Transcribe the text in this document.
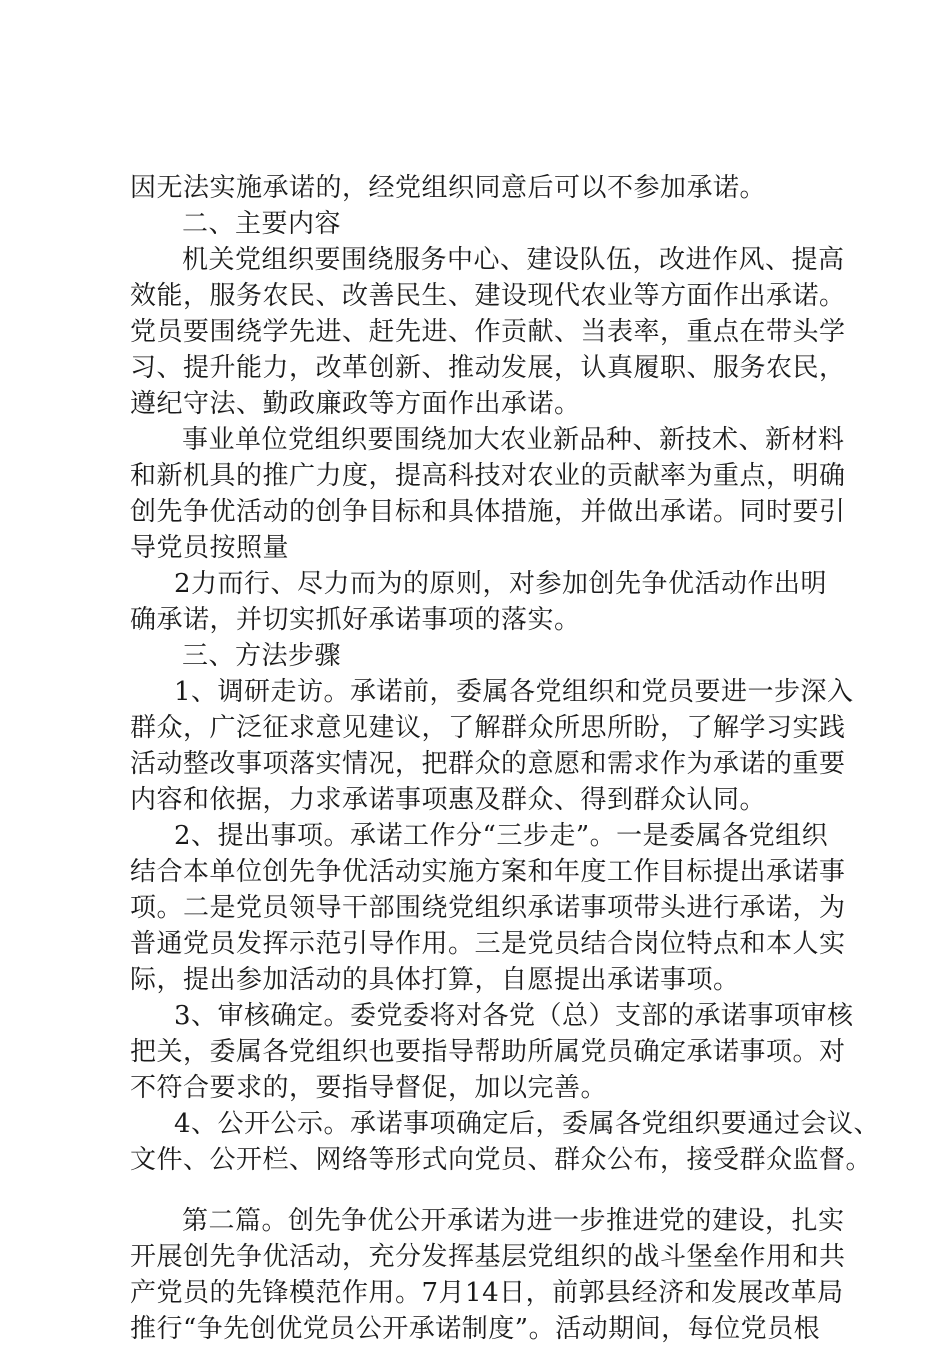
因无法实施承诺的，经党组织同意后可以不参加承诺。
二、主要内容
机关党组织要围绕服务中心、建设队伍，改进作风、提高
效能，服务农民、改善民生、建设现代农业等方面作出承诺。
党员要围绕学先进、赶先进、作贡献、当表率，重点在带头学
习、提升能力，改革创新、推动发展，认真履职、服务农民，
遵纪守法、勤政廉政等方面作出承诺。
事业单位党组织要围绕加大农业新品种、新技术、新材料
和新机具的推广力度，提高科技对农业的贡献率为重点，明确
创先争优活动的创争目标和具体措施，并做出承诺。同时要引
导党员按照量
2力而行、尽力而为的原则，对参加创先争优活动作出明
确承诺，并切实抓好承诺事项的落实。
三、方法步骤
1、调研走访。承诺前，委属各党组织和党员要进一步深入
群众，广泛征求意见建议，了解群众所思所盼，了解学习实践
活动整改事项落实情况，把群众的意愿和需求作为承诺的重要
内容和依据，力求承诺事项惠及群众、得到群众认同。
2、提出事项。承诺工作分“三步走”。一是委属各党组织
结合本单位创先争优活动实施方案和年度工作目标提出承诺事
项。二是党员领导干部围绕党组织承诺事项带头进行承诺，为
普通党员发挥示范引导作用。三是党员结合岗位特点和本人实
际，提出参加活动的具体打算，自愿提出承诺事项。
3、审核确定。委党委将对各党（总）支部的承诺事项审核
把关，委属各党组织也要指导帮助所属党员确定承诺事项。对
不符合要求的，要指导督促，加以完善。
4、公开公示。承诺事项确定后，委属各党组织要通过会议、
文件、公开栏、网络等形式向党员、群众公布，接受群众监督。
第二篇。创先争优公开承诺为进一步推进党的建设，扎实
开展创先争优活动，充分发挥基层党组织的战斗堡垒作用和共
产党员的先锋模范作用。7月14日，前郭县经济和发展改革局
推行“争先创优党员公开承诺制度”。活动期间，每位党员根
